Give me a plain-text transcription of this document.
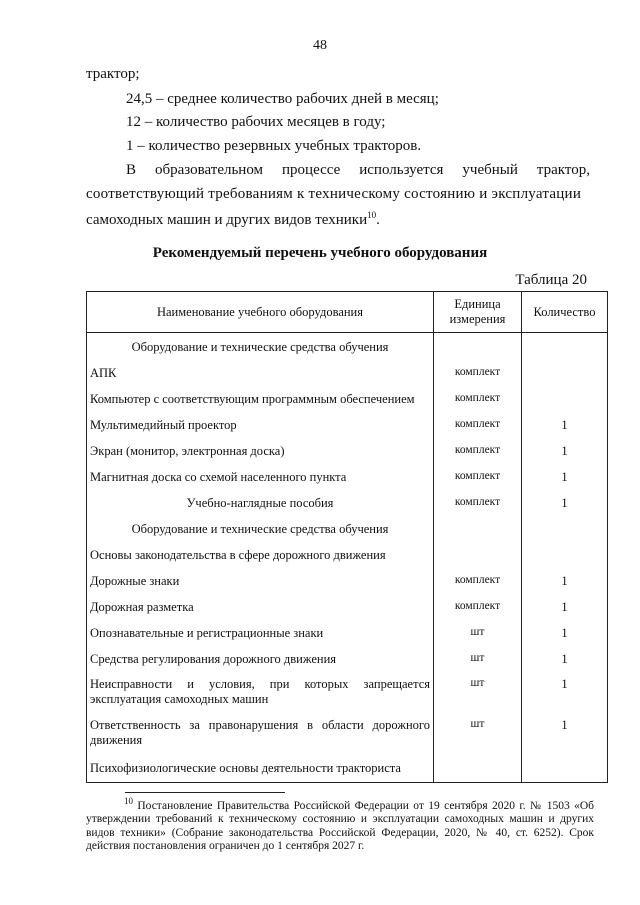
48
трактор;
24,5 – среднее количество рабочих дней в месяц;
12 – количество рабочих месяцев в году;
1 – количество резервных учебных тракторов.
В образовательном процессе используется учебный трактор,
соответствующий требованиям к техническому состоянию и эксплуатации
самоходных машин и других видов техники$^{10}$.
Рекомендуемый перечень учебного оборудования
Таблица 20
Наименование учебного оборудования	Единица измерения	Количество
Оборудование и технические средства обучения		
АПК	комплект	
Компьютер с соответствующим программным обеспечением	комплект	
Мультимедийный проектор	комплект	1
Экран (монитор, электронная доска)	комплект	1
Магнитная доска со схемой населенного пункта	комплект	1
Учебно-наглядные пособия	комплект	1
Оборудование и технические средства обучения		
Основы законодательства в сфере дорожного движения		
Дорожные знаки	комплект	1
Дорожная разметка	комплект	1
Опознавательные и регистрационные знаки	шт	1
Средства регулирования дорожного движения	шт	1
Неисправности и условия, при которых запрещается эксплуатация самоходных машин	шт	1
Ответственность за правонарушения в области дорожного движения	шт	1
Психофизиологические основы деятельности тракториста		
$^{10}$ Постановление Правительства Российской Федерации от 19 сентября 2020 г. № 1503 «Об утверждении требований к техническому состоянию и эксплуатации самоходных машин и других видов техники» (Собрание законодательства Российской Федерации, 2020, № 40, ст. 6252). Срок действия постановления ограничен до 1 сентября 2027 г.
